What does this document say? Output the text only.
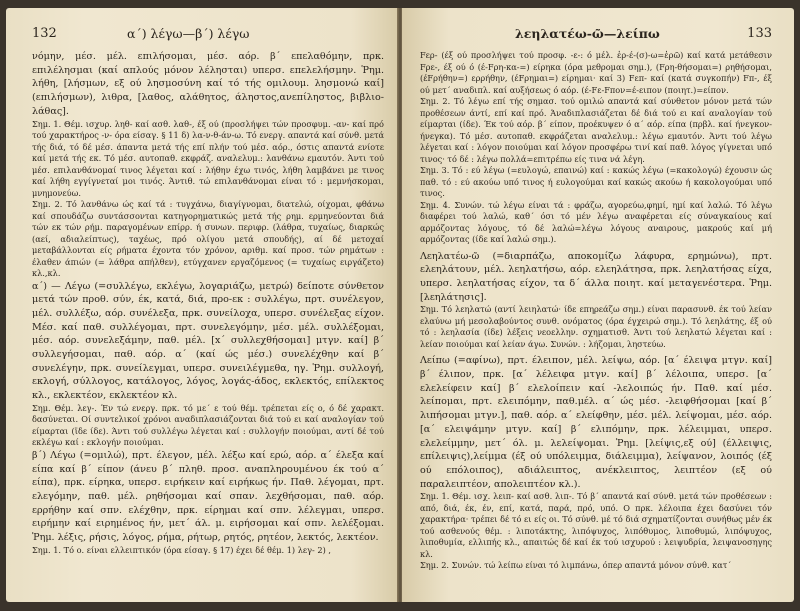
132	α΄) λέγω—β΄) λέγω

νόμην, μέσ. μέλ. επιλήσομαι, μέσ. αόρ. β΄ επελαθόμην, πρκ. επιλέλησμαι (καί απλούς μόνον λέλησται) υπερσ. επελελήσμην. Ῥημ. λήθη, [λήσμων, εξ ού λησμοσύνη καί τό τής ομιλουμ. λησμονώ καί] (επιλήσμων), λιθρα, [λαθος, αλάθητος, άληστος,ανεπίληστος, βιβλιο-λάθας].

Σημ. 1. Θέμ. ισχυρ. ληθ- καί ασθ. λαθ-, έξ ού (προσλήψει τών προσφυμ. -αν- καί πρό τού χαρακτήρος -ν- όρα είσαγ. § 11 δ) λα-ν-θ-άν-ω. Τό ενεργ. απαντά καί σύνθ. μετά τής διά, τό δέ μέσ. άπαντα μετά τής επί πλήν τού μέσ. αόρ., όστις απαντά ενίοτε καί μετά τής εκ. Τό μέσ. αυτοπαθ. εκφράζ. αναλελυμ.: λανθάνω εμαυτόν. Άντι τού μέσ. επιλανθάνομαί τινος λέγεται καί : λήθην έχω τινός, λήθη λαμβάνει με τινος καί λήθη εγγίγνεταί μοι τινός. Άντιθ. τώ επιλανθάνομαι είναι τό : μεμνήσκομαι, μνημονεύω.

Σημ. 2. Τό λανθάνω ώς καί τά : τυγχάνω, διαγίγνομαι, διατελώ, οίχομαι, φθάνω καί σπουδάζω συντάσσονται κατηγορηματικώς μετά τής ρημ. ερμηνεύονται διά τών εκ τών ρήμ. παραγομένων επίρρ. ή συνων. περιφρ. (λάθρα, τυχαίως, διαρκώς (αεί, αδιαλείπτως), ταχέως, πρό ολίγου μετά σπουδής), αί δέ μετοχαί μεταβάλλονται είς ρήματα έχοντα τόν χρόνον, αριθμ. καί προσ. τών ρημάτων : έλαθεν άπιών (= λάθρα απήλθεν), ετύγχανεν εργαζόμενος (= τυχαίως ειργάζετο) κλ.,κλ.

α΄) — Λέγω (=συλλέγω, εκλέγω, λογαριάζω, μετρώ) δείποτε σύνθετον μετά τών προθ. σύν, έκ, κατά, διά, προ-εκ : συλλέγω, πρτ. συνέλεγον, μέλ. συλλέξω, αόρ. συνέλεξα, πρκ. συνείλοχα, υπερσ. συνέλεξας είχον. Μέσ. καί παθ. συλλέγομαι, πρτ. συνελεγόμην, μέσ. μέλ. συλλέξομαι, μέσ. αόρ. συνελεξάμην, παθ. μέλ. [x΄ συλλεχθήσομαι] μτγν. καί] β΄ συλλεγήσομαι, παθ. αόρ. α΄ (καί ώς μέσ.) συνελέχθην καί β΄ συνελέγην, πρκ. συνείλεγμαι, υπερσ. συνειλέγμεθα, ηγ. Ῥημ. συλλογή, εκλογή, σύλλογος, κατάλογος, λόγος, λογάς-άδος, εκλεκτός, επίλεκτος κλ., εκλεκτέον, εκλεκτέον κλ.

Σημ. Θέμ. λεγ-. Έν τώ ενεργ. πρκ. τό με΄ ε τού θέμ. τρέπεται είς ο, ό δέ χαρακτ. δασύνεται. Οί συντελικοί χρόνοι αναδιπλασιάζονται διά τού ει καί αναλογίαν τού είμαρται (ϊδε ίδε). Άντι τού συλλέγω λέγεται καί : συλλογήν ποιούμαι, αντί δέ τού εκλέγω καί : εκλογήν ποιούμαι.

β΄) Λέγω (=ομιλώ), πρτ. έλεγον, μέλ. λέξω καί ερώ, αόρ. α΄ έλεξα καί είπα καί β΄ είπον (άνευ β΄ πληθ. προσ. αναπληρουμένου έκ τού α΄ είπα), πρκ. είρηκα, υπερσ. ειρήκειν καί ειρήκως ήν. Παθ. λέγομαι, πρτ. ελεγόμην, παθ. μέλ. ρηθήσομαι καί σπαν. λεχθήσομαι, παθ. αόρ. ερρήθην καί σπν. ελέχθην, πρκ. είρημαι καί σπν. λέλεγμαι, υπερσ. ειρήμην καί ειρημένος ήν, μετ΄ άλ. μ. ειρήσομαι καί σπν. λελέξομαι. Ῥημ. λέξις, ρήσις, λόγος, ρήμα, ρήτωρ, ρητός, ρητέον, λεκτός, λεκτέον.

Σημ. 1. Τό ο. είναι ελλειπτικόν (όρα είσαγ. § 17) έχει δέ θέμ. 1) λεγ- 2) ,

λεηλατέω-ῶ—λείπω	133

Fερ- (έξ ού προσλήψει τού προσφ. -ε-: ό μέλ. ἐρ-έ-(σ)-ω=ἐρῶ) καί κατά μετάθεσιν Fρε-, έξ ού ό (έ-Fρη-κα-=) είρηκα (όρα μεθρομαι σημ.), (Fρη-θήσομαι=) ρηθήσομαι, (έFρήθην=) ερρήθην, (έFρημαι=) είρημαι· καί 3) Fεπ- καί (κατά συγκοπήν) Fπ-, έξ ού μετ΄ αναδιπλ. καί αυξήσεως ό αόρ. (έ-Fε-Fπον=έ-ειπον (ποιητ.)=είπον.

Σημ. 2. Τό λέγω επί τής σημασ. τού ομιλώ απαντά καί σύνθετον μόνον μετά τών προθέσεων άντί, επί καί πρό. Άναδιπλασιάζεται δέ διά τού ει καί αναλογίαν τού είμαρται (ίδε). Έκ τού αόρ. β΄ είπον, προέκυψεν ό α΄ αόρ. είπα (πρβλ. καί ήνεγκον-ήνεγκα). Τό μέσ. αυτοπαθ. εκφράζεται αναλελυμ.: λέγω εμαυτόν. Άντι τού λέγω λέγεται καί : λόγον ποιούμαι καί λόγον προσφέρω τινί καί παθ. λόγος γίγνεται υπό τινος· τό δέ : λέγω πολλά=επιτρέπω είς τινα νά λέγη.

Σημ. 3. Τό : εύ λέγω (=ευλογώ, επαινώ) καί : κακώς λέγω (=κακολογώ) έχουσιν ώς παθ. τό : εύ ακούω υπό τινος ή ευλογούμαι καί κακώς ακούω ή κακολογούμαι υπό τινος.

Σημ. 4. Συνών. τώ λέγω είναι τά : φράζω, αγορεύω,φημί, ηµί καί λαλώ. Τό λέγω διαφέρει τού λαλώ, καθ΄ όσι τό μέν λέγω αναφέρεται είς σύναγκαίους καί αρμόζοντας λόγους, τό δέ λαλώ=λέγω λόγους αναιρους, μακρούς καί μή αρμόζοντας (ίδε καί λαλώ σημ.).

Λεηλατέω-ῶ (=διαρπάζω, αποκομίζω λάφυρα, ερημώνω), πρτ. ελεηλάτουν, μέλ. λεηλατήσω, αόρ. ελεηλάτησα, πρκ. λεηλατήσας είχα, υπερσ. λεηλατήσας είχον, τα δ΄ άλλα ποιητ. καί μεταγενέστερα. Ῥημ. [λεηλάτησις].

Σημ. Τό λεηλατώ (αντί λειηλατώ· ίδε επηρεάζω σημ.) είναι παρασυνθ. έκ τού λείαν ελαύνω μή μεσολαβούντος συνθ. ονόματος (όρα έγχειρώ σημ.). Τό λεηλάτης, έξ ού τό : λεηλασία (ίδε) λέξεις νεοελλην. σχηματισθ. Άντι τού λεηλατώ λέγεται καί : λείαν ποιούμαι καί λείαν άγω. Συνών. : λήζομαι, ληστεύω.

Λείπω (=αφίνω), πρτ. έλειπον, μέλ. λείψω, αόρ. [α΄ έλειψα μτγν. καί] β΄ έλιπον, πρκ. [α΄ λέλειφα μτγν. καί] β΄ λέλοιπα, υπερσ. [α΄ ελελείφειν καί] β΄ ελελοίπειν καί -λελοιπώς ήν. Παθ. καί μέσ. λείπομαι, πρτ. ελειπόμην, παθ.μέλ. α΄ ώς μέσ. -λειφθήσομαι [καί β΄ λιπήσομαι μτγν.], παθ. αόρ. α΄ ελείφθην, μέσ. μέλ. λείψομαι, μέσ. αόρ. [α΄ ελειψάμην μτγν. καί] β΄ ελιπόμην, πρκ. λέλειμμαι, υπερσ. ελελείμμην, μετ΄ όλ. μ. λελείψομαι. Ῥημ. [λείψις,εξ ού] (έλλειψις, επίλειψις),λείμμα (έξ ού υπόλειμμα, διάλειμμα), λείψανον, λοιπός (έξ ού επόλοιπος), αδιάλειπτος, ανέκλειπτος, λειπτέον (εξ ού παραλειπτέον, απολειπτέον κλ.).

Σημ. 1. Θέμ. ισχ. λειπ- καί ασθ. λιπ-. Τό β΄ απαντά καί σύνθ. μετά τών προθέσεων : από, διά, έκ, έν, επί, κατά, παρά, πρό, υπό. Ο πρκ. λέλοιπα έχει δασύνει τόν χαρακτήρα· τρέπει δέ τό ει είς οι. Τό σύνθ. μέ τό διά σχηματίζονται συνήθως μέν έκ τού ασθενούς θέμ. : λιποτάκτης, λιπόψυχος, λιπόθυμος, λιποθυμώ, λιπόψυχος, λιποθυμία, ελλιπής κλ., απαιτώς δέ καί έκ τού ισχυρού : λειψυδρία, λειψανοσηγης κλ.

Σημ. 2. Συνών. τώ λείπω είναι τό λιμπάνω, όπερ απαντά μόνον σύνθ. κατ΄
